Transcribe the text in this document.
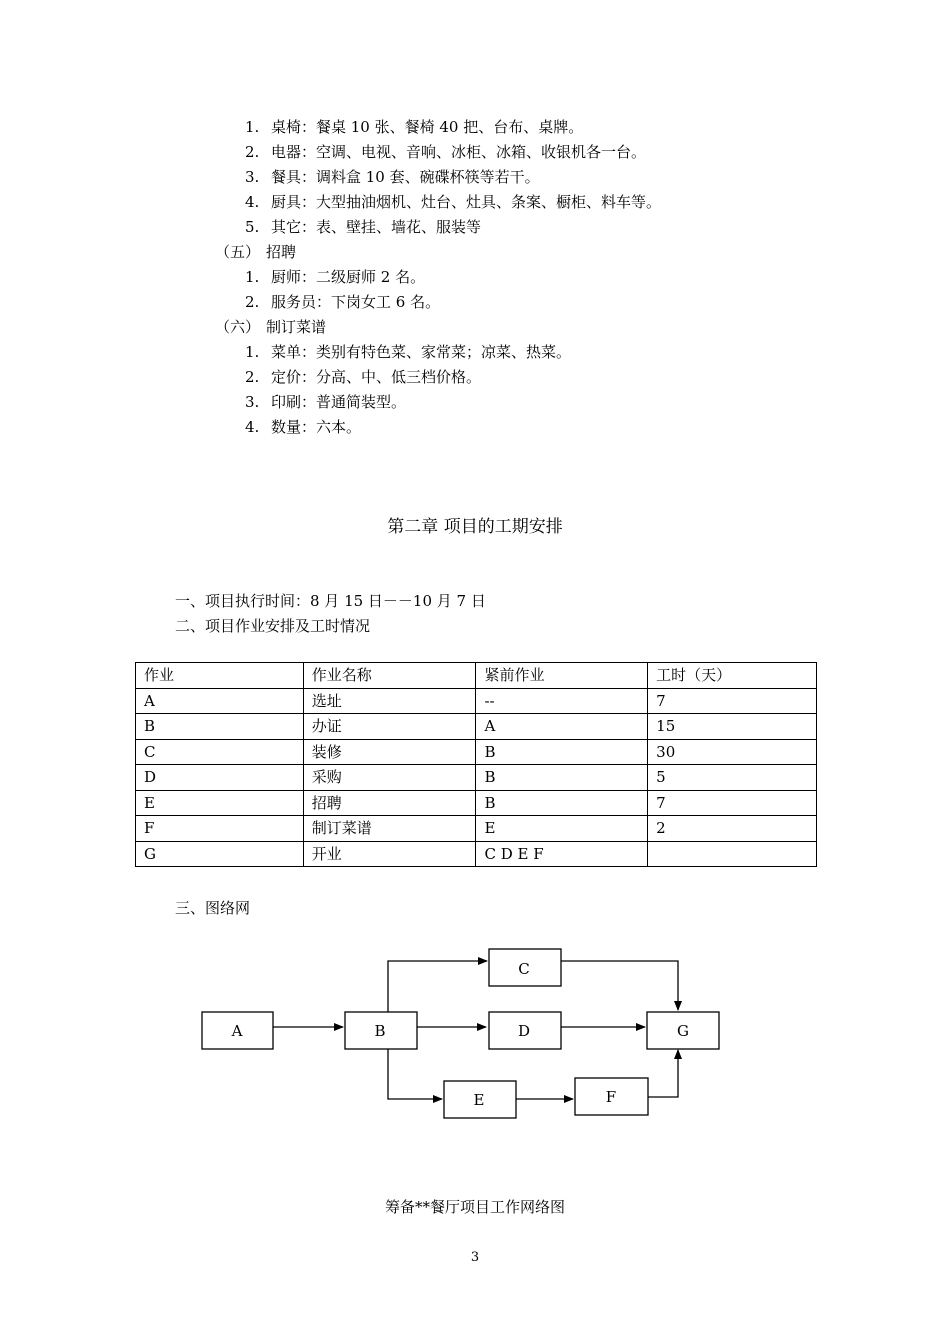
1. 桌椅：餐桌 10 张、餐椅 40 把、台布、桌牌。
2. 电器：空调、电视、音响、冰柜、冰箱、收银机各一台。
3. 餐具：调料盒 10 套、碗碟杯筷等若干。
4. 厨具：大型抽油烟机、灶台、灶具、条案、橱柜、料车等。
5. 其它：表、壁挂、墙花、服装等
（五） 招聘
1. 厨师：二级厨师 2 名。
2. 服务员：下岗女工 6 名。
（六） 制订菜谱
1. 菜单：类别有特色菜、家常菜；凉菜、热菜。
2. 定价：分高、中、低三档价格。
3. 印刷：普通简装型。
4. 数量：六本。
第二章 项目的工期安排
一、项目执行时间：8 月 15 日－－10 月 7 日
二、项目作业安排及工时情况
作业	作业名称	紧前作业	工时（天）
A	选址	--	7
B	办证	A	15
C	装修	B	30
D	采购	B	5
E	招聘	B	7
F	制订菜谱	E	2
G	开业	C D E F	
三、图络网
A	B
C
D
E	F
G
筹备**餐厅项目工作网络图
3
